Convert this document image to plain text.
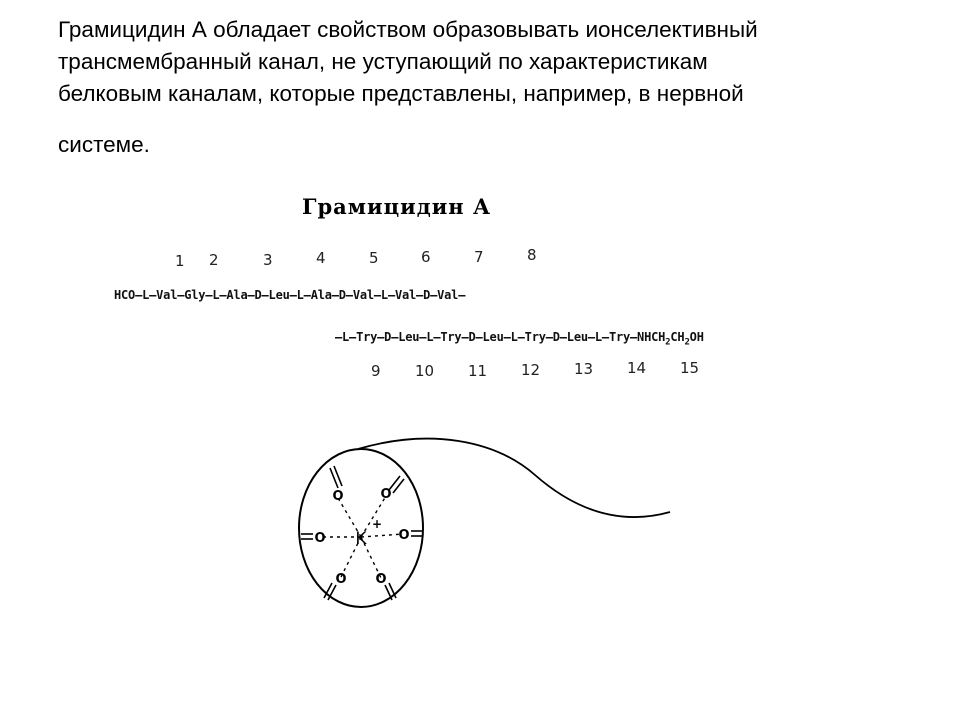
Грамицидин А обладает свойством образовывать ионселективный
трансмембранный канал, не уступающий по характеристикам
белковым каналам, которые представлены, например, в нервной
системе.
Грамицидин А
1 2	3	4	5	6	7	8
HCO–L–Val–Gly–L–Ala–D–Leu–L–Ala–D–Val–L–Val–D–Val–
$-L-Try-D-Leu-L-Try-D-Leu-L-Try-D-Leu-L-Try-NHCH_2CH_2OH$
9 10 11 12 13 14 15
O	O
O	O
O O
K
+
